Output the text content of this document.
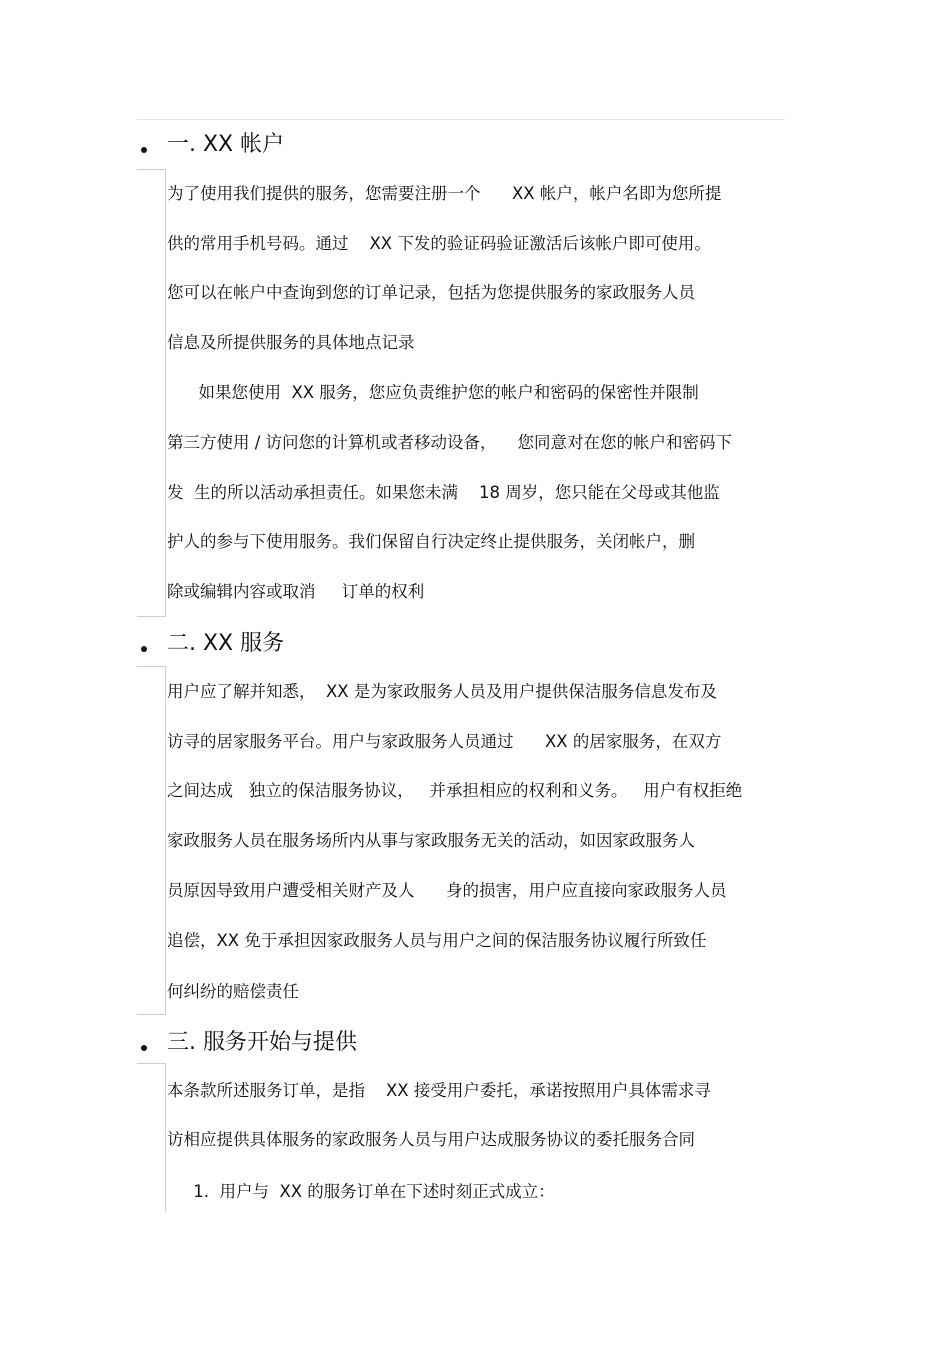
一. XX 帐户
为了使用我们提供的服务，您需要注册一个      XX 帐户，帐户名即为您所提
供的常用手机号码。通过    XX 下发的验证码验证激活后该帐户即可使用。
您可以在帐户中查询到您的订单记录，包括为您提供服务的家政服务人员
信息及所提供服务的具体地点记录
如果您使用  XX 服务，您应负责维护您的帐户和密码的保密性并限制
第三方使用 / 访问您的计算机或者移动设备，    您同意对在您的帐户和密码下
发  生的所以活动承担责任。如果您未满    18 周岁，您只能在父母或其他监
护人的参与下使用服务。我们保留自行决定终止提供服务，关闭帐户，删
除或编辑内容或取消     订单的权利
二. XX 服务
用户应了解并知悉，  XX 是为家政服务人员及用户提供保洁服务信息发布及
访寻的居家服务平台。用户与家政服务人员通过      XX 的居家服务，在双方
之间达成   独立的保洁服务协议，   并承担相应的权利和义务。   用户有权拒绝
家政服务人员在服务场所内从事与家政服务无关的活动，如因家政服务人
员原因导致用户遭受相关财产及人      身的损害，用户应直接向家政服务人员
追偿，XX 免于承担因家政服务人员与用户之间的保洁服务协议履行所致任
何纠纷的赔偿责任
三. 服务开始与提供
本条款所述服务订单，是指    XX 接受用户委托，承诺按照用户具体需求寻
访相应提供具体服务的家政服务人员与用户达成服务协议的委托服务合同
1.  用户与  XX 的服务订单在下述时刻正式成立：
